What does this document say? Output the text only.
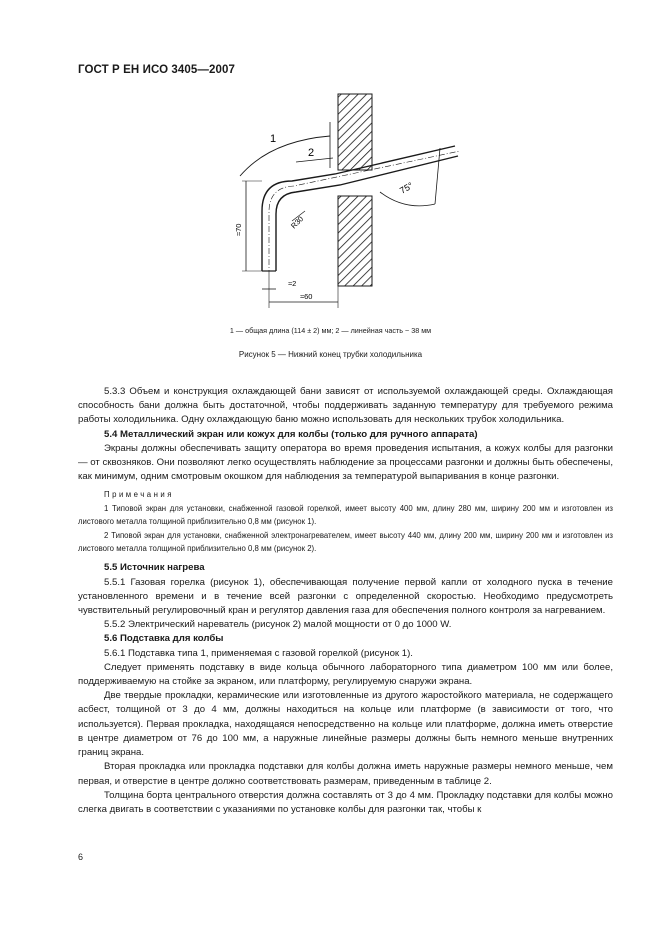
ГОСТ Р ЕН ИСО 3405—2007
1
2
75°
R30
≈70
≈2
≈60
1 — общая длина (114 ± 2) мм; 2 — линейная часть ~ 38 мм
Рисунок 5 — Нижний конец трубки холодильника

5.3.3 Объем и конструкция охлаждающей бани зависят от используемой охлаждающей среды. Охлаждающая способность бани должна быть достаточной, чтобы поддерживать заданную температуру для требуемого режима работы холодильника. Одну охлаждающую баню можно использовать для нескольких трубок холодильника.

5.4 Металлический экран или кожух для колбы (только для ручного аппарата)

Экраны должны обеспечивать защиту оператора во время проведения испытания, а кожух колбы для разгонки — от сквозняков. Они позволяют легко осуществлять наблюдение за процессами разгонки и должны быть обеспечены, как минимум, одним смотровым окошком для наблюдения за температурой выпаривания в конце разгонки.

Примечания

1 Типовой экран для установки, снабженной газовой горелкой, имеет высоту 400 мм, длину 280 мм, ширину 200 мм и изготовлен из листового металла толщиной приблизительно 0,8 мм (рисунок 1).

2 Типовой экран для установки, снабженной электронагревателем, имеет высоту 440 мм, длину 200 мм, ширину 200 мм и изготовлен из листового металла толщиной приблизительно 0,8 мм (рисунок 2).

5.5 Источник нагрева

5.5.1 Газовая горелка (рисунок 1), обеспечивающая получение первой капли от холодного пуска в течение установленного времени и в течение всей разгонки с определенной скоростью. Необходимо предусмотреть чувствительный регулировочный кран и регулятор давления газа для обеспечения полного контроля за нагреванием.

5.5.2 Электрический нареватель (рисунок 2) малой мощности от 0 до 1000 W.

5.6 Подставка для колбы

5.6.1 Подставка типа 1, применяемая с газовой горелкой (рисунок 1).

Следует применять подставку в виде кольца обычного лабораторного типа диаметром 100 мм или более, поддерживаемую на стойке за экраном, или платформу, регулируемую снаружи экрана.

Две твердые прокладки, керамические или изготовленные из другого жаростойкого материала, не содержащего асбест, толщиной от 3 до 4 мм, должны находиться на кольце или платформе (в зависимости от того, что используется). Первая прокладка, находящаяся непосредственно на кольце или платформе, должна иметь отверстие в центре диаметром от 76 до 100 мм, а наружные линейные размеры должны быть немного меньше внутренних границ экрана.

Вторая прокладка или прокладка подставки для колбы должна иметь наружные размеры немного меньше, чем первая, и отверстие в центре должно соответствовать размерам, приведенным в таблице 2.

Толщина борта центрального отверстия должна составлять от 3 до 4 мм. Прокладку подставки для колбы можно слегка двигать в соответствии с указаниями по установке колбы для разгонки так, чтобы к

6
